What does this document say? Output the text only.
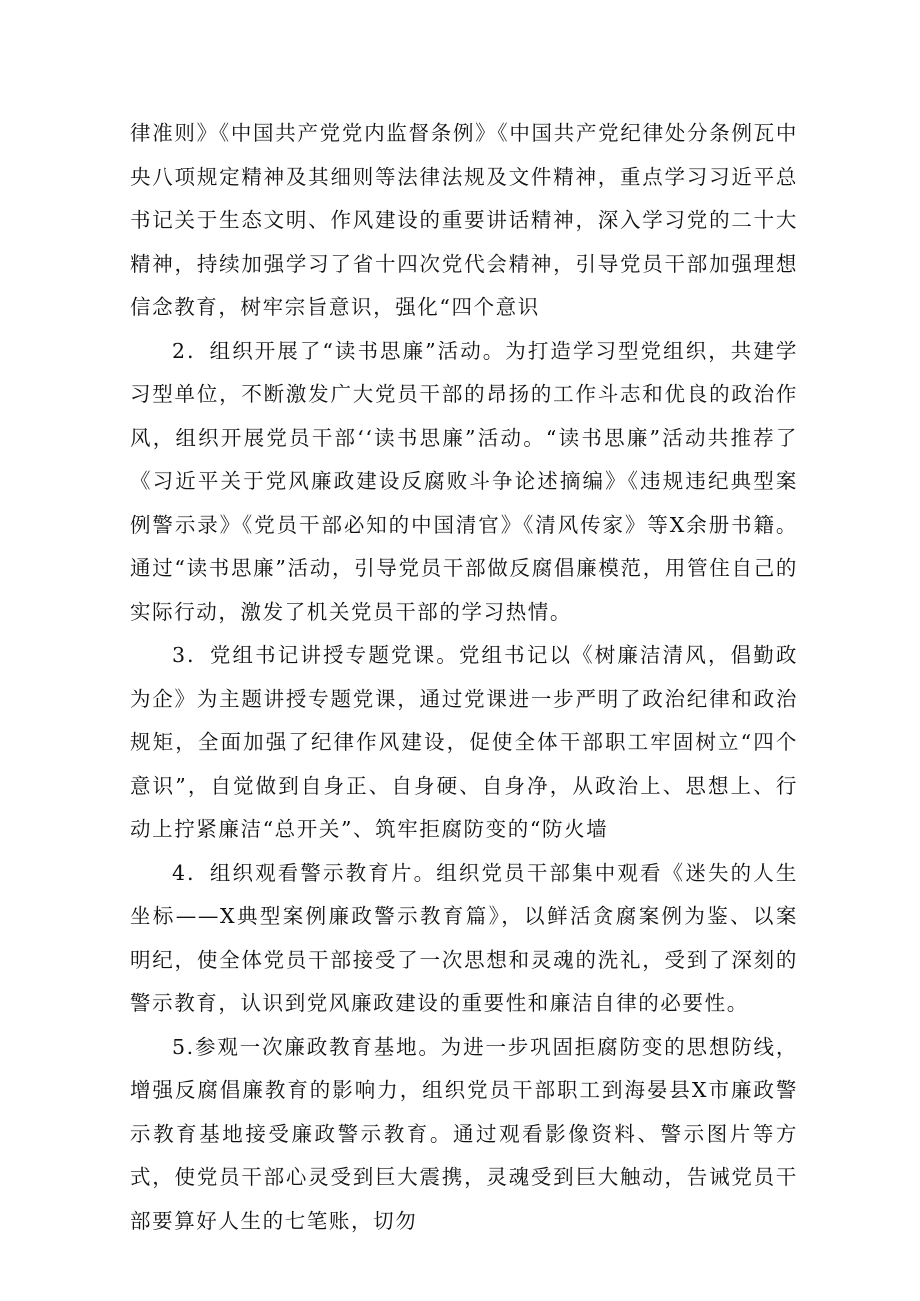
律准则》《中国共产党党内监督条例》《中国共产党纪律处分条例瓦中央八项规定精神及其细则等法律法规及文件精神，重点学习习近平总书记关于生态文明、作风建设的重要讲话精神，深入学习党的二十大精神，持续加强学习了省十四次党代会精神，引导党员干部加强理想信念教育，树牢宗旨意识，强化“四个意识

2．组织开展了“读书思廉”活动。为打造学习型党组织，共建学习型单位，不断激发广大党员干部的昂扬的工作斗志和优良的政治作风，组织开展党员干部‘‘读书思廉”活动。“读书思廉”活动共推荐了《习近平关于党风廉政建设反腐败斗争论述摘编》《违规违纪典型案例警示录》《党员干部必知的中国清官》《清风传家》等X余册书籍。通过“读书思廉”活动，引导党员干部做反腐倡廉模范，用管住自己的实际行动，激发了机关党员干部的学习热情。

3．党组书记讲授专题党课。党组书记以《树廉洁清风，倡勤政为企》为主题讲授专题党课，通过党课进一步严明了政治纪律和政治规矩，全面加强了纪律作风建设，促使全体干部职工牢固树立“四个意识”，自觉做到自身正、自身硬、自身净，从政治上、思想上、行动上拧紧廉洁“总开关”、筑牢拒腐防变的“防火墙

4．组织观看警示教育片。组织党员干部集中观看《迷失的人生坐标——X典型案例廉政警示教育篇》，以鲜活贪腐案例为鉴、以案明纪，使全体党员干部接受了一次思想和灵魂的洗礼，受到了深刻的警示教育，认识到党风廉政建设的重要性和廉洁自律的必要性。

5.参观一次廉政教育基地。为进一步巩固拒腐防变的思想防线，增强反腐倡廉教育的影响力，组织党员干部职工到海晏县X市廉政警示教育基地接受廉政警示教育。通过观看影像资料、警示图片等方式，使党员干部心灵受到巨大震携，灵魂受到巨大触动，告诫党员干部要算好人生的七笔账，切勿
